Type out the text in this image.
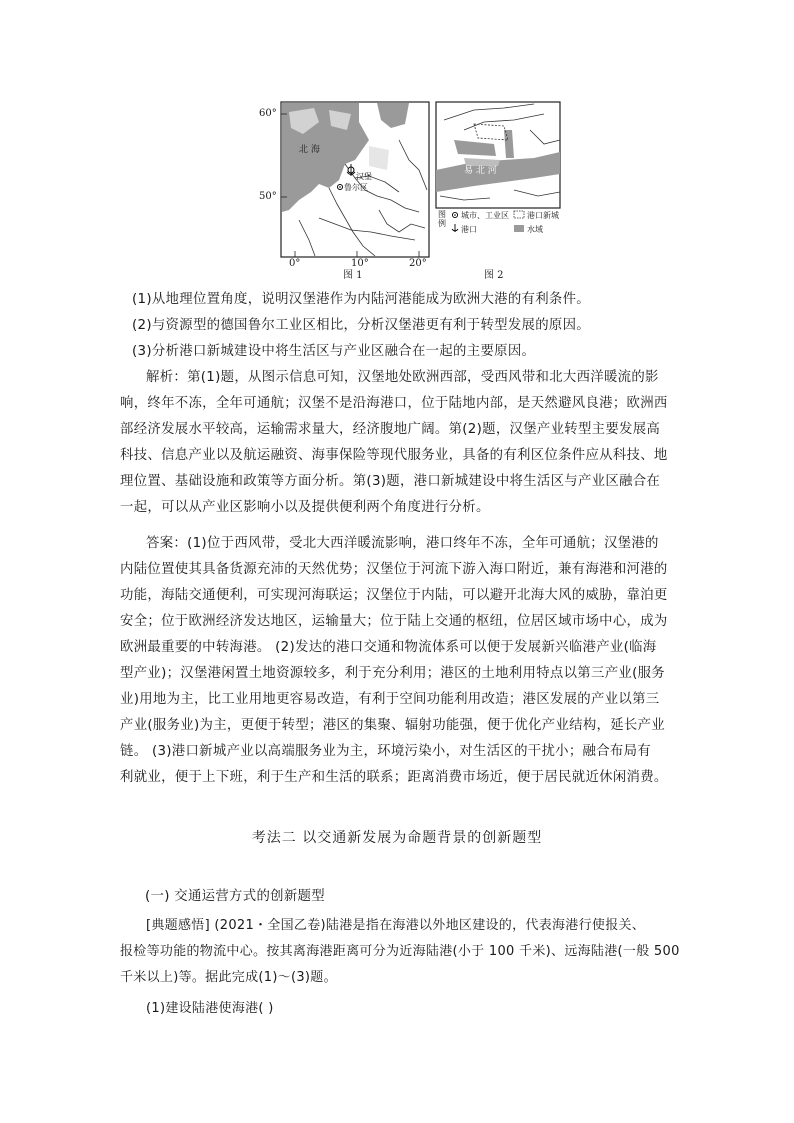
60°
50°
0°	10°	20°
北 海
汉堡
鲁尔区
图 1
易 北 河
图例
城市、工业区 港口新城
港口	水域
图 2
(1)从地理位置角度，说明汉堡港作为内陆河港能成为欧洲大港的有利条件。
(2)与资源型的德国鲁尔工业区相比，分析汉堡港更有利于转型发展的原因。
(3)分析港口新城建设中将生活区与产业区融合在一起的主要原因。
解析：第(1)题，从图示信息可知，汉堡地处欧洲西部，受西风带和北大西洋暖流的影
响，终年不冻，全年可通航；汉堡不是沿海港口，位于陆地内部，是天然避风良港；欧洲西
部经济发展水平较高，运输需求量大，经济腹地广阔。第(2)题，汉堡产业转型主要发展高
科技、信息产业以及航运融资、海事保险等现代服务业，具备的有利区位条件应从科技、地
理位置、基础设施和政策等方面分析。第(3)题，港口新城建设中将生活区与产业区融合在
一起，可以从产业区影响小以及提供便利两个角度进行分析。
答案：(1)位于西风带，受北大西洋暖流影响，港口终年不冻，全年可通航；汉堡港的
内陆位置使其具备货源充沛的天然优势；汉堡位于河流下游入海口附近，兼有海港和河港的
功能，海陆交通便利，可实现河海联运；汉堡位于内陆，可以避开北海大风的威胁，靠泊更
安全；位于欧洲经济发达地区，运输量大；位于陆上交通的枢纽，位居区域市场中心，成为
欧洲最重要的中转海港。 (2)发达的港口交通和物流体系可以便于发展新兴临港产业(临海
型产业)；汉堡港闲置土地资源较多，利于充分利用；港区的土地利用特点以第三产业(服务
业)用地为主，比工业用地更容易改造，有利于空间功能利用改造；港区发展的产业以第三
产业(服务业)为主，更便于转型；港区的集聚、辐射功能强，便于优化产业结构，延长产业
链。 (3)港口新城产业以高端服务业为主，环境污染小，对生活区的干扰小；融合布局有
利就业，便于上下班，利于生产和生活的联系；距离消费市场近，便于居民就近休闲消费。
考法二 以交通新发展为命题背景的创新题型
(一) 交通运营方式的创新题型
[典题感悟] (2021・全国乙卷)陆港是指在海港以外地区建设的，代表海港行使报关、
报检等功能的物流中心。按其离海港距离可分为近海陆港(小于 100 千米)、远海陆港(一般 500
千米以上)等。据此完成(1)～(3)题。
(1)建设陆港使海港( )
